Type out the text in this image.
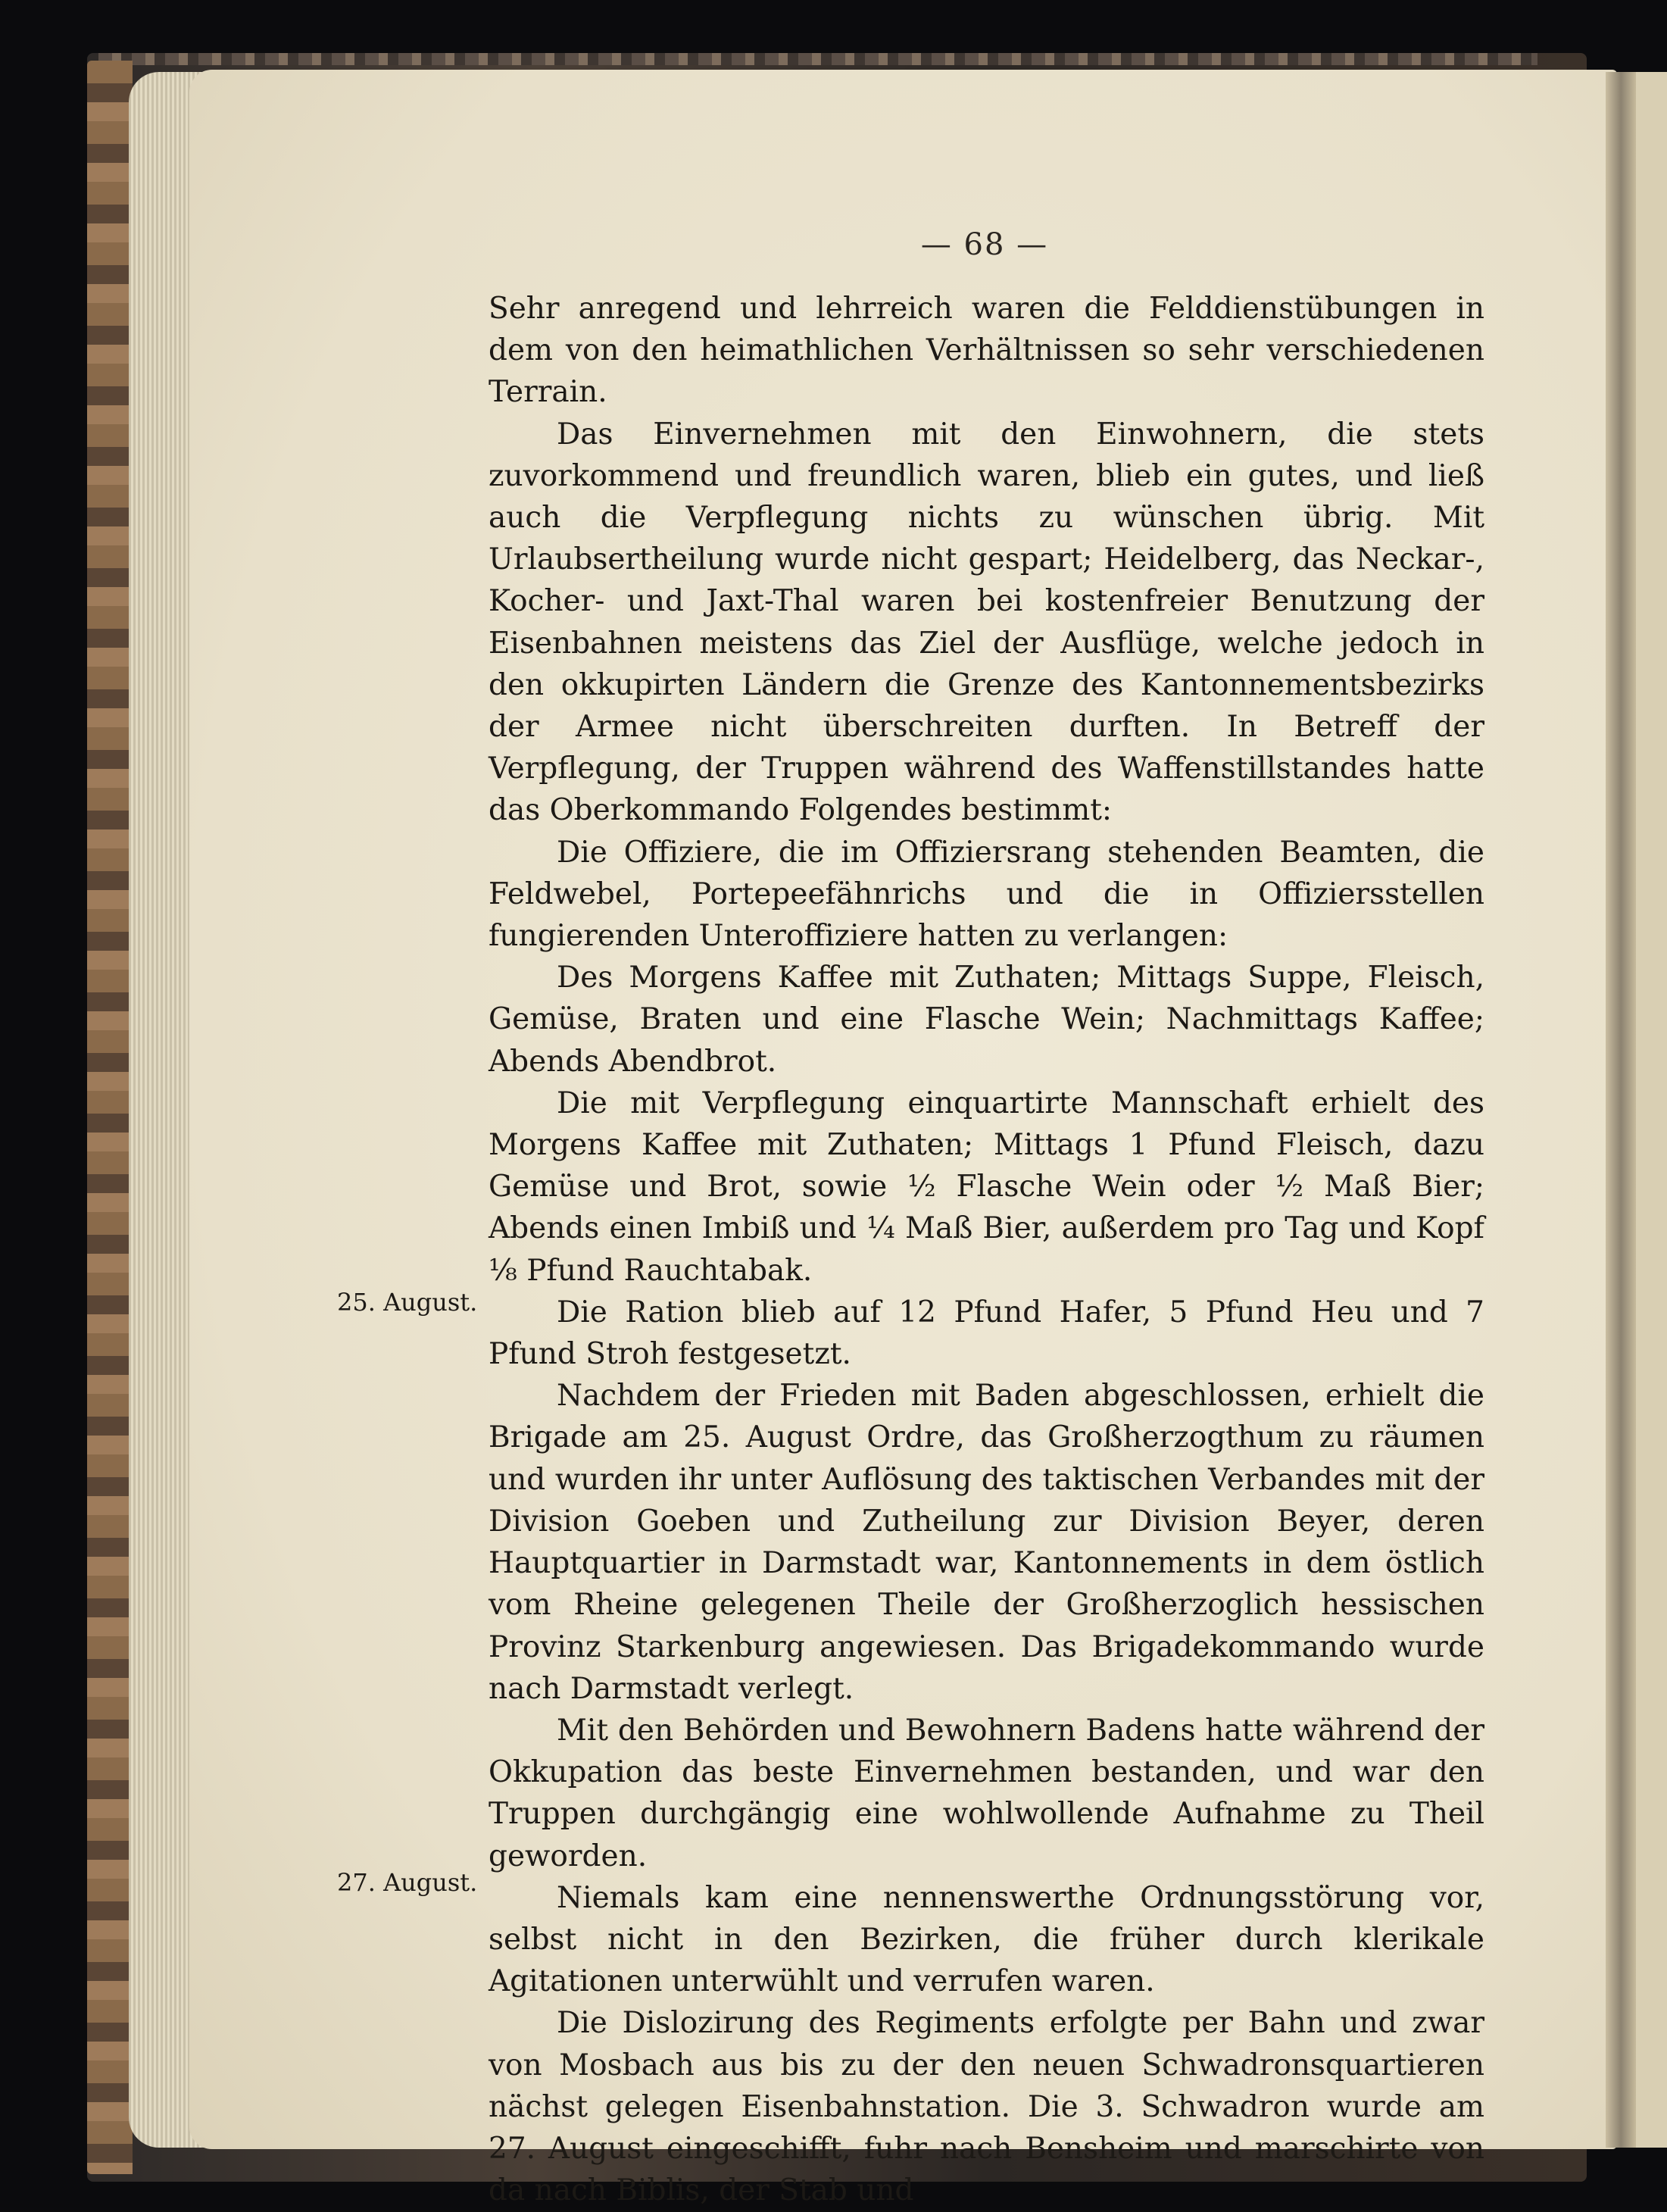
— 68 —

Sehr anregend und lehrreich waren die Felddienstübungen in dem von den heimathlichen Verhältnissen so sehr verschiedenen Terrain.

Das Einvernehmen mit den Einwohnern, die stets zuvorkommend und freundlich waren, blieb ein gutes, und ließ auch die Verpflegung nichts zu wünschen übrig. Mit Urlaubsertheilung wurde nicht gespart; Heidelberg, das Neckar-, Kocher- und Jaxt-Thal waren bei kostenfreier Benutzung der Eisenbahnen meistens das Ziel der Ausflüge, welche jedoch in den okkupirten Ländern die Grenze des Kantonnementsbezirks der Armee nicht überschreiten durften. In Betreff der Verpflegung, der Truppen während des Waffenstillstandes hatte das Oberkommando Folgendes bestimmt:

Die Offiziere, die im Offiziersrang stehenden Beamten, die Feldwebel, Portepeefähnrichs und die in Offiziersstellen fungierenden Unteroffiziere hatten zu verlangen:

Des Morgens Kaffee mit Zuthaten; Mittags Suppe, Fleisch, Gemüse, Braten und eine Flasche Wein; Nachmittags Kaffee; Abends Abendbrot.

Die mit Verpflegung einquartirte Mannschaft erhielt des Morgens Kaffee mit Zuthaten; Mittags 1 Pfund Fleisch, dazu Gemüse und Brot, sowie ½ Flasche Wein oder ½ Maß Bier; Abends einen Imbiß und ¼ Maß Bier, außerdem pro Tag und Kopf ⅛ Pfund Rauchtabak.

Die Ration blieb auf 12 Pfund Hafer, 5 Pfund Heu und 7 Pfund Stroh festgesetzt.

Nachdem der Frieden mit Baden abgeschlossen, erhielt die Brigade am 25. August Ordre, das Großherzogthum zu räumen und wurden ihr unter Auflösung des taktischen Verbandes mit der Division Goeben und Zutheilung zur Division Beyer, deren Hauptquartier in Darmstadt war, Kantonnements in dem östlich vom Rheine gelegenen Theile der Großherzoglich hessischen Provinz Starkenburg angewiesen. Das Brigadekommando wurde nach Darmstadt verlegt.

Mit den Behörden und Bewohnern Badens hatte während der Okkupation das beste Einvernehmen bestanden, und war den Truppen durchgängig eine wohlwollende Aufnahme zu Theil geworden.

Niemals kam eine nennenswerthe Ordnungsstörung vor, selbst nicht in den Bezirken, die früher durch klerikale Agitationen unterwühlt und verrufen waren.

Die Dislozirung des Regiments erfolgte per Bahn und zwar von Mosbach aus bis zu der den neuen Schwadronsquartieren nächst gelegen Eisenbahnstation. Die 3. Schwadron wurde am 27. August eingeschifft, fuhr nach Bensheim und marschirte von da nach Biblis, der Stab und

25. August.
27. August.
